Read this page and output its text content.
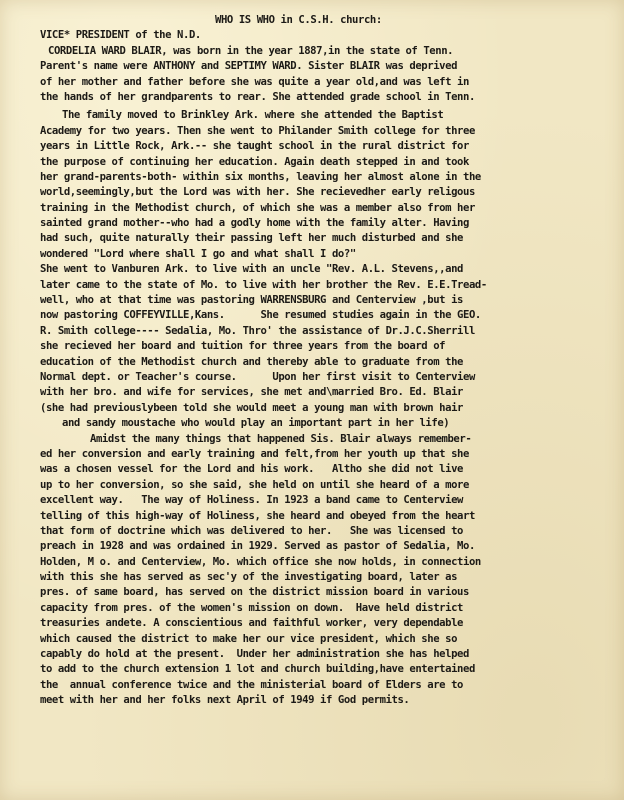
WHO IS WHO in C.S.H. church:
VICE* PRESIDENT of the N.D.
CORDELIA WARD BLAIR, was born in the year 1887,in the state of Tenn.
Parent's name were ANTHONY and SEPTIMY WARD. Sister BLAIR was deprived
of her mother and father before she was quite a year old,and was left in
the hands of her grandparents to rear. She attended grade school in Tenn.
The family moved to Brinkley Ark. where she attended the Baptist
Academy for two years. Then she went to Philander Smith college for three
years in Little Rock, Ark.-- she taught school in the rural district for
the purpose of continuing her education. Again death stepped in and took
her grand-parents-both- within six months, leaving her almost alone in the
world,seemingly,but the Lord was with her. She recievedher early religous
training in the Methodist church, of which she was a member also from her
sainted grand mother--who had a godly home with the family alter. Having
had such, quite naturally their passing left her much disturbed and she
wondered "Lord where shall I go and what shall I do?"
She went to Vanburen Ark. to live with an uncle "Rev. A.L. Stevens,,and
later came to the state of Mo. to live with her brother the Rev. E.E.Tread-
well, who at that time was pastoring WARRENSBURG and Centerview ,but is
now pastoring COFFEYVILLE,Kans.      She resumed studies again in the GEO.
R. Smith college---- Sedalia, Mo. Thro' the assistance of Dr.J.C.Sherrill
she recieved her board and tuition for three years from the board of
education of the Methodist church and thereby able to graduate from the
Normal dept. or Teacher's course.      Upon her first visit to Centerview
with her bro. and wife for services, she met and\married Bro. Ed. Blair
(she had previouslybeen told she would meet a young man with brown hair
and sandy moustache who would play an important part in her life)
Amidst the many things that happened Sis. Blair always remember-
ed her conversion and early training and felt,from her youth up that she
was a chosen vessel for the Lord and his work.   Altho she did not live
up to her conversion, so she said, she held on until she heard of a more
excellent way.   The way of Holiness. In 1923 a band came to Centerview
telling of this high-way of Holiness, she heard and obeyed from the heart
that form of doctrine which was delivered to her.   She was licensed to
preach in 1928 and was ordained in 1929. Served as pastor of Sedalia, Mo.
Holden, M o. and Centerview, Mo. which office she now holds, in connection
with this she has served as sec'y of the investigating board, later as
pres. of same board, has served on the district mission board in various
capacity from pres. of the women's mission on down.  Have held district
treasuries andete. A conscientious and faithful worker, very dependable
which caused the district to make her our vice president, which she so
capably do hold at the present.  Under her administration she has helped
to add to the church extension 1 lot and church building,have entertained
the  annual conference twice and the ministerial board of Elders are to
meet with her and her folks next April of 1949 if God permits.
